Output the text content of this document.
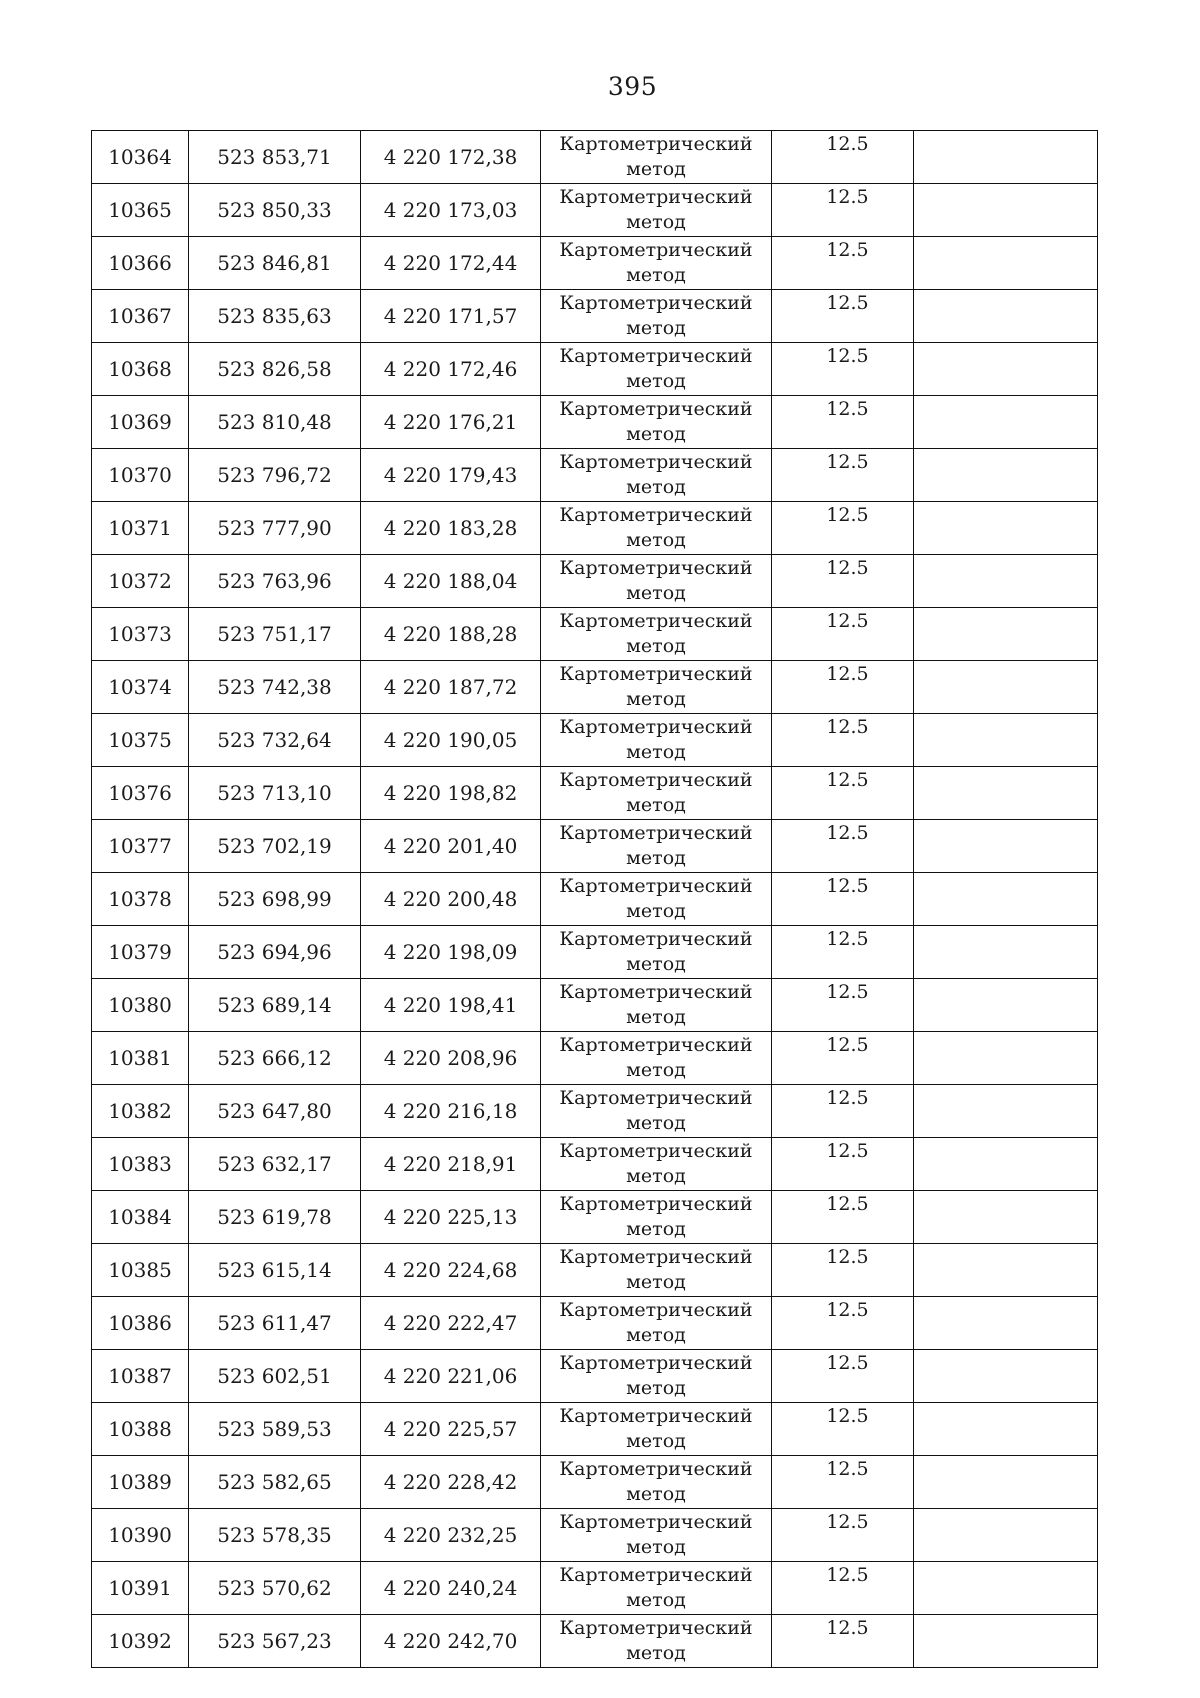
395
10364	523 853,71	4 220 172,38	Картометрический метод	12.5	
10365	523 850,33	4 220 173,03	Картометрический метод	12.5	
10366	523 846,81	4 220 172,44	Картометрический метод	12.5	
10367	523 835,63	4 220 171,57	Картометрический метод	12.5	
10368	523 826,58	4 220 172,46	Картометрический метод	12.5	
10369	523 810,48	4 220 176,21	Картометрический метод	12.5	
10370	523 796,72	4 220 179,43	Картометрический метод	12.5	
10371	523 777,90	4 220 183,28	Картометрический метод	12.5	
10372	523 763,96	4 220 188,04	Картометрический метод	12.5	
10373	523 751,17	4 220 188,28	Картометрический метод	12.5	
10374	523 742,38	4 220 187,72	Картометрический метод	12.5	
10375	523 732,64	4 220 190,05	Картометрический метод	12.5	
10376	523 713,10	4 220 198,82	Картометрический метод	12.5	
10377	523 702,19	4 220 201,40	Картометрический метод	12.5	
10378	523 698,99	4 220 200,48	Картометрический метод	12.5	
10379	523 694,96	4 220 198,09	Картометрический метод	12.5	
10380	523 689,14	4 220 198,41	Картометрический метод	12.5	
10381	523 666,12	4 220 208,96	Картометрический метод	12.5	
10382	523 647,80	4 220 216,18	Картометрический метод	12.5	
10383	523 632,17	4 220 218,91	Картометрический метод	12.5	
10384	523 619,78	4 220 225,13	Картометрический метод	12.5	
10385	523 615,14	4 220 224,68	Картометрический метод	12.5	
10386	523 611,47	4 220 222,47	Картометрический метод	12.5	
10387	523 602,51	4 220 221,06	Картометрический метод	12.5	
10388	523 589,53	4 220 225,57	Картометрический метод	12.5	
10389	523 582,65	4 220 228,42	Картометрический метод	12.5	
10390	523 578,35	4 220 232,25	Картометрический метод	12.5	
10391	523 570,62	4 220 240,24	Картометрический метод	12.5	
10392	523 567,23	4 220 242,70	Картометрический метод	12.5	
